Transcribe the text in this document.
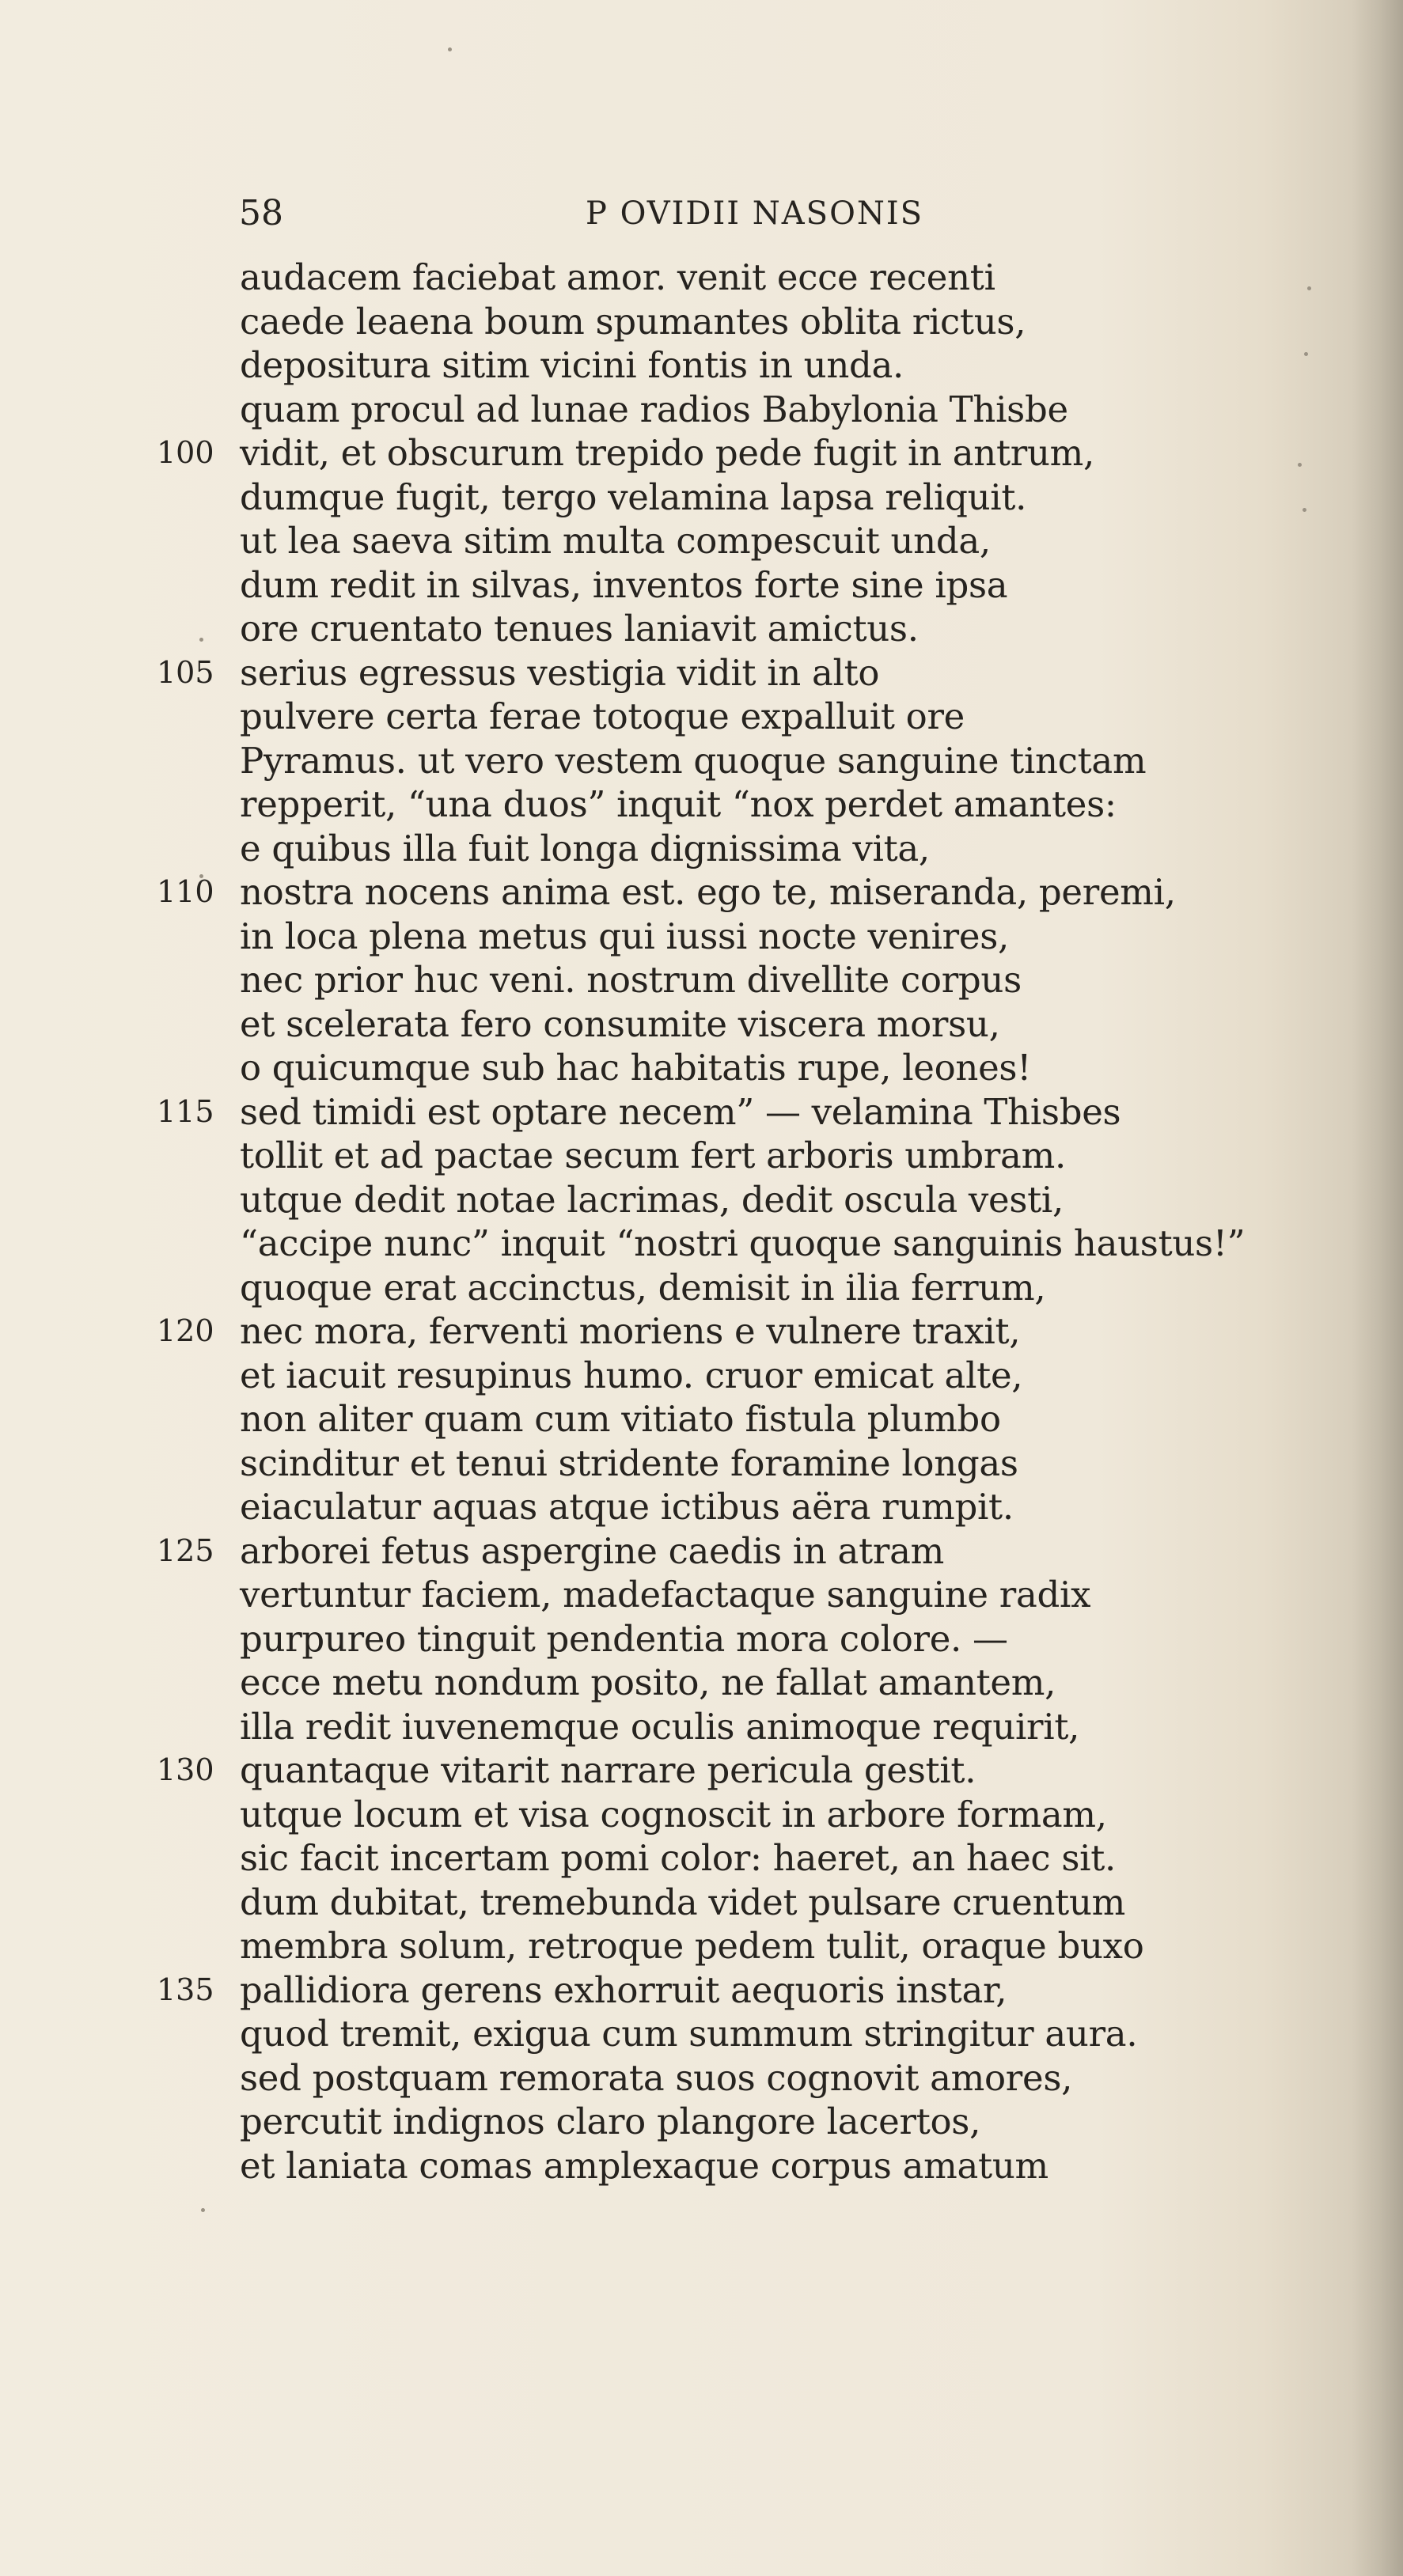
58	P OVIDII NASONIS
audacem faciebat amor. venit ecce recenti
caede leaena boum spumantes oblita rictus,
depositura sitim vicini fontis in unda.
quam procul ad lunae radios Babylonia Thisbe
100 vidit, et obscurum trepido pede fugit in antrum,
dumque fugit, tergo velamina lapsa reliquit.
ut lea saeva sitim multa compescuit unda,
dum redit in silvas, inventos forte sine ipsa
ore cruentato tenues laniavit amictus.
105 serius egressus vestigia vidit in alto
pulvere certa ferae totoque expalluit ore
Pyramus. ut vero vestem quoque sanguine tinctam
repperit, “una duos” inquit “nox perdet amantes:
e quibus illa fuit longa dignissima vita,
110 nostra nocens anima est. ego te, miseranda, peremi,
in loca plena metus qui iussi nocte venires,
nec prior huc veni. nostrum divellite corpus
et scelerata fero consumite viscera morsu,
o quicumque sub hac habitatis rupe, leones!
115 sed timidi est optare necem” — velamina Thisbes
tollit et ad pactae secum fert arboris umbram.
utque dedit notae lacrimas, dedit oscula vesti,
“accipe nunc” inquit “nostri quoque sanguinis haustus!”
quoque erat accinctus, demisit in ilia ferrum,
120 nec mora, ferventi moriens e vulnere traxit,
et iacuit resupinus humo. cruor emicat alte,
non aliter quam cum vitiato fistula plumbo
scinditur et tenui stridente foramine longas
eiaculatur aquas atque ictibus aëra rumpit.
125 arborei fetus aspergine caedis in atram
vertuntur faciem, madefactaque sanguine radix
purpureo tinguit pendentia mora colore. —
ecce metu nondum posito, ne fallat amantem,
illa redit iuvenemque oculis animoque requirit,
130 quantaque vitarit narrare pericula gestit.
utque locum et visa cognoscit in arbore formam,
sic facit incertam pomi color: haeret, an haec sit.
dum dubitat, tremebunda videt pulsare cruentum
membra solum, retroque pedem tulit, oraque buxo
135 pallidiora gerens exhorruit aequoris instar,
quod tremit, exigua cum summum stringitur aura.
sed postquam remorata suos cognovit amores,
percutit indignos claro plangore lacertos,
et laniata comas amplexaque corpus amatum
